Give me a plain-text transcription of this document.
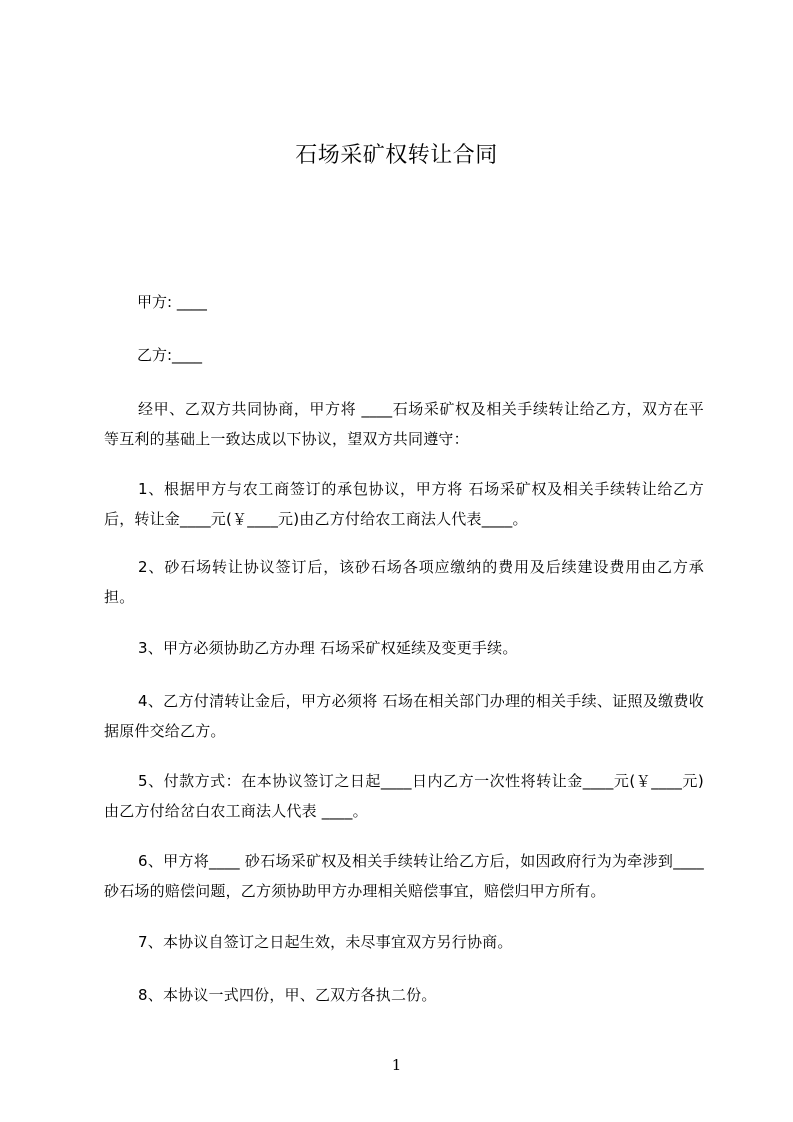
石场采矿权转让合同
甲方: ____
乙方:____
经甲、乙双方共同协商，甲方将 ____石场采矿权及相关手续转让给乙方，双方在平等互利的基础上一致达成以下协议，望双方共同遵守：
1、根据甲方与农工商签订的承包协议，甲方将 石场采矿权及相关手续转让给乙方后，转让金____元(￥____元)由乙方付给农工商法人代表____。
2、砂石场转让协议签订后，该砂石场各项应缴纳的费用及后续建设费用由乙方承担。
3、甲方必须协助乙方办理 石场采矿权延续及变更手续。
4、乙方付清转让金后，甲方必须将 石场在相关部门办理的相关手续、证照及缴费收据原件交给乙方。
5、付款方式：在本协议签订之日起____日内乙方一次性将转让金____元(￥____元)由乙方付给岔白农工商法人代表 ____。
6、甲方将____ 砂石场采矿权及相关手续转让给乙方后，如因政府行为为牵涉到____砂石场的赔偿问题，乙方须协助甲方办理相关赔偿事宜，赔偿归甲方所有。
7、本协议自签订之日起生效，未尽事宜双方另行协商。
8、本协议一式四份，甲、乙双方各执二份。
1
